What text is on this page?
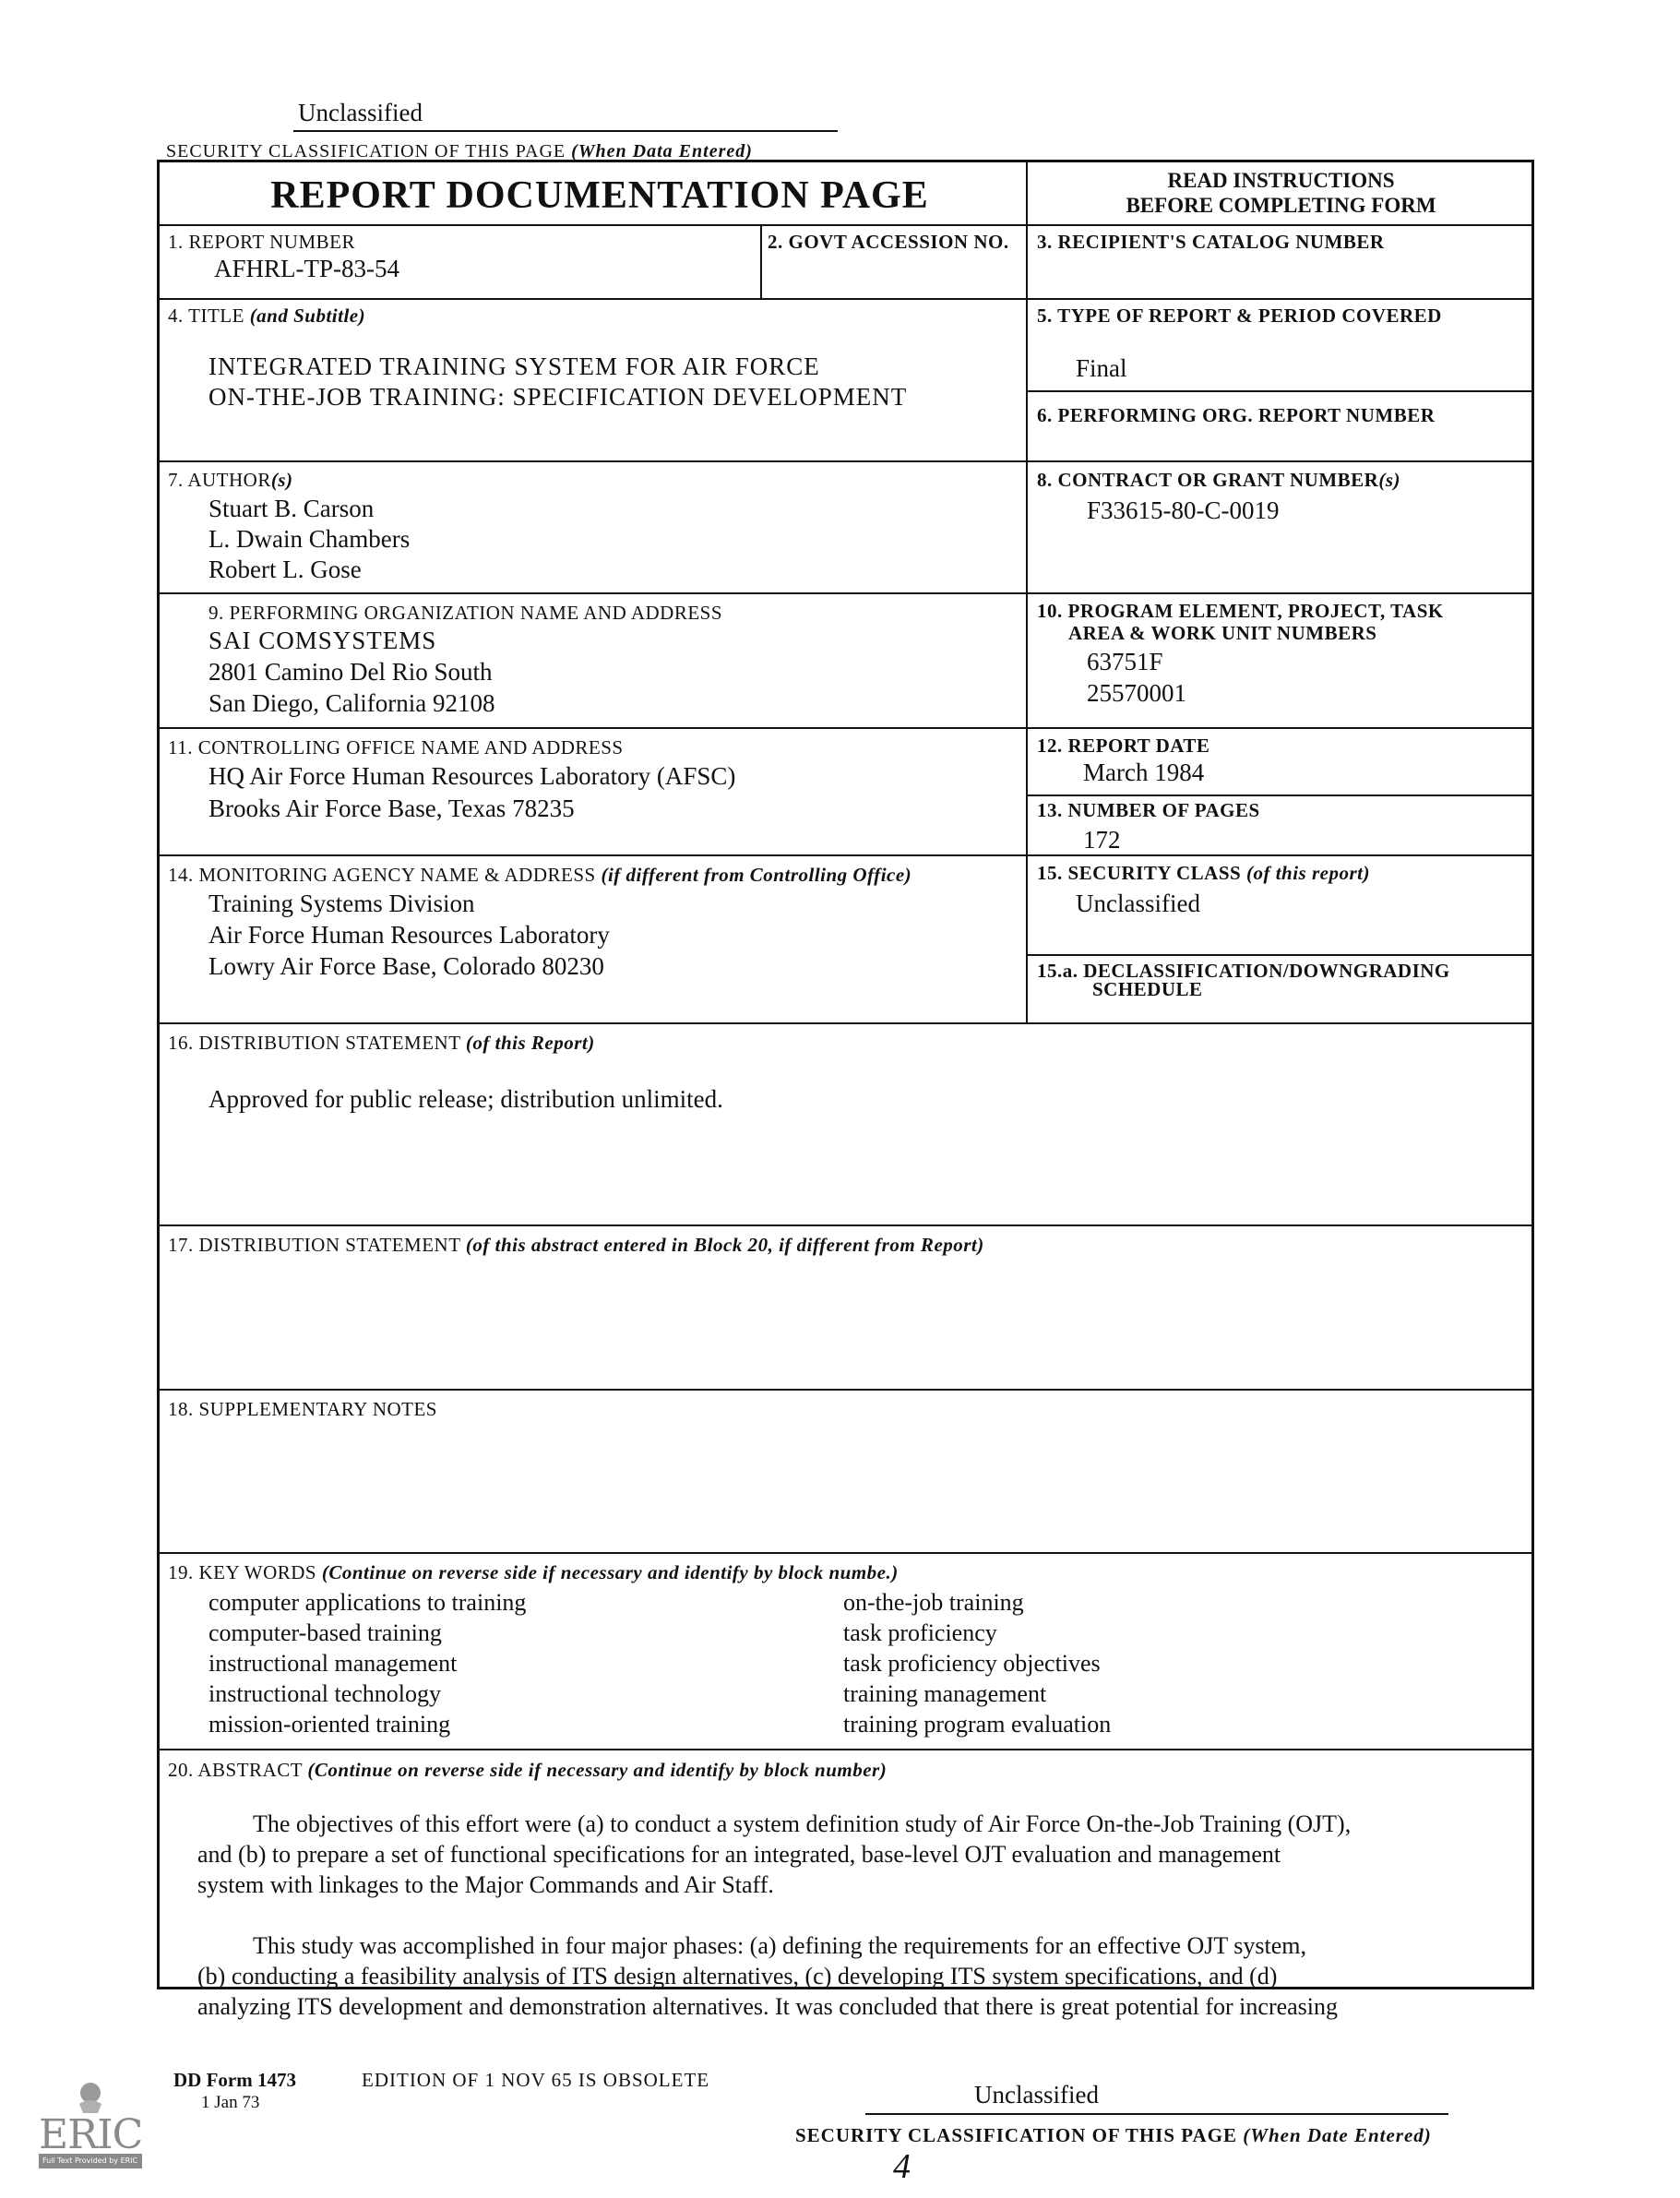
Unclassified
SECURITY CLASSIFICATION OF THIS PAGE (When Data Entered)
REPORT DOCUMENTATION PAGE	READ INSTRUCTIONS
BEFORE COMPLETING FORM
1. REPORT NUMBER
AFHRL-TP-83-54
2. GOVT ACCESSION NO. 3. RECIPIENT'S CATALOG NUMBER
4. TITLE (and Subtitle)
INTEGRATED TRAINING SYSTEM FOR AIR FORCE
ON-THE-JOB TRAINING: SPECIFICATION DEVELOPMENT
5. TYPE OF REPORT & PERIOD COVERED
Final
6. PERFORMING ORG. REPORT NUMBER
7. AUTHOR(s)
Stuart B. Carson
L. Dwain Chambers
Robert L. Gose
8. CONTRACT OR GRANT NUMBER(s)
F33615-80-C-0019
9. PERFORMING ORGANIZATION NAME AND ADDRESS
SAI COMSYSTEMS
2801 Camino Del Rio South
San Diego, California 92108
10. PROGRAM ELEMENT, PROJECT, TASK
AREA & WORK UNIT NUMBERS
63751F
25570001
11. CONTROLLING OFFICE NAME AND ADDRESS
HQ Air Force Human Resources Laboratory (AFSC)
Brooks Air Force Base, Texas 78235
12. REPORT DATE
March 1984
13. NUMBER OF PAGES
172
14. MONITORING AGENCY NAME & ADDRESS (if different from Controlling Office)
Training Systems Division
Air Force Human Resources Laboratory
Lowry Air Force Base, Colorado 80230
15. SECURITY CLASS (of this report)
Unclassified
15.a. DECLASSIFICATION/DOWNGRADING
SCHEDULE
16. DISTRIBUTION STATEMENT (of this Report)
Approved for public release; distribution unlimited.
17. DISTRIBUTION STATEMENT (of this abstract entered in Block 20, if different from Report)
18. SUPPLEMENTARY NOTES
19. KEY WORDS (Continue on reverse side if necessary and identify by block numbe.)
computer applications to training
computer-based training
instructional management
instructional technology
mission-oriented training
on-the-job training
task proficiency
task proficiency objectives
training management
training program evaluation
20. ABSTRACT (Continue on reverse side if necessary and identify by block number)
The objectives of this effort were (a) to conduct a system definition study of Air Force On-the-Job Training (OJT),
and (b) to prepare a set of functional specifications for an integrated, base-level OJT evaluation and management
system with linkages to the Major Commands and Air Staff.
This study was accomplished in four major phases: (a) defining the requirements for an effective OJT system,
(b) conducting a feasibility analysis of ITS design alternatives, (c) developing ITS system specifications, and (d)
analyzing ITS development and demonstration alternatives. It was concluded that there is great potential for increasing
DD Form 1473
1 Jan 73
EDITION OF 1 NOV 65 IS OBSOLETE
Unclassified
SECURITY CLASSIFICATION OF THIS PAGE (When Date Entered)
4
ERIC
Full Text Provided by ERIC
